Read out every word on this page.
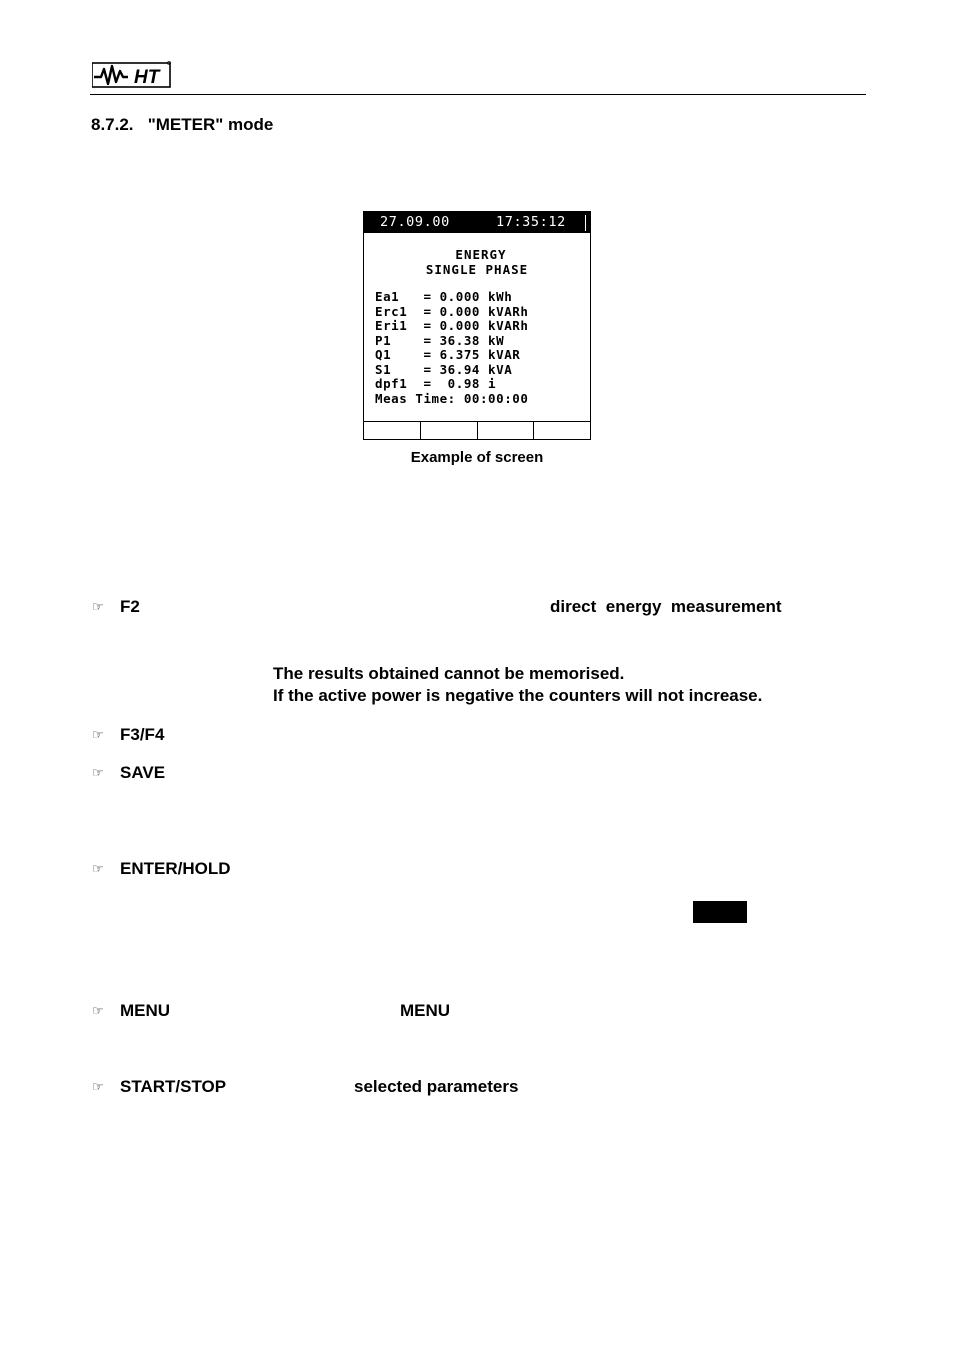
HT
8.7.2.   "METER" mode
27.09.00	17:35:12
ENERGY
SINGLE PHASE
Ea1   = 0.000 kWh
Erc1  = 0.000 kVARh
Eri1  = 0.000 kVARh
P1    = 36.38 kW
Q1    = 6.375 kVAR
S1    = 36.94 kVA
dpf1  =  0.98 i
Meas Time: 00:00:00
Example of screen
☞ F2	direct  energy  measurement
The results obtained cannot be memorised.
If the active power is negative the counters will not increase.
☞ F3/F4
☞ SAVE
☞ ENTER/HOLD
☞ MENU	MENU
☞ START/STOP	selected parameters
